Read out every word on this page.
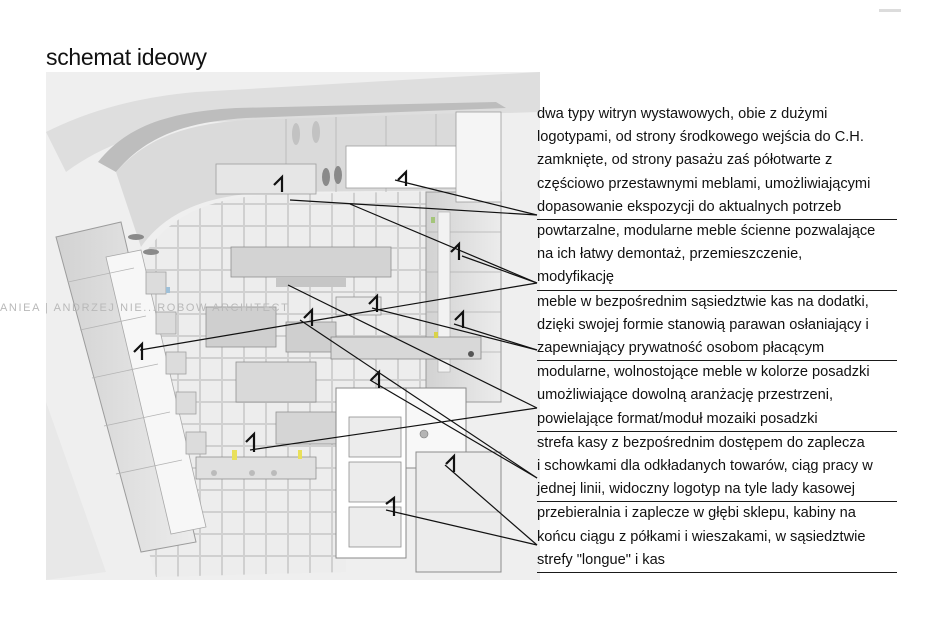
schemat ideowy
ANIEA | ANDRZEJ NIE...ROBOW ARCHITECT
dwa typy witryn wystawowych, obie z dużymi
logotypami, od strony środkowego wejścia do C.H.
zamknięte, od strony pasażu zaś półotwarte z
częściowo przestawnymi meblami, umożliwiającymi
dopasowanie ekspozycji do aktualnych potrzeb
powtarzalne, modularne meble ścienne pozwalające
na ich łatwy demontaż, przemieszczenie,
modyfikację
meble w bezpośrednim sąsiedztwie kas na dodatki,
dzięki swojej formie stanowią parawan osłaniający i
zapewniający prywatność osobom płacącym
modularne, wolnostojące meble w kolorze posadzki
umożliwiające dowolną aranżację przestrzeni,
powielające format/moduł mozaiki posadzki
strefa kasy z bezpośrednim dostępem do zaplecza
i schowkami dla odkładanych towarów, ciąg pracy w
jednej linii, widoczny logotyp na tyle lady kasowej
przebieralnia i zaplecze w głębi sklepu, kabiny na
końcu ciągu z półkami i wieszakami, w sąsiedztwie
strefy "longue" i kas
